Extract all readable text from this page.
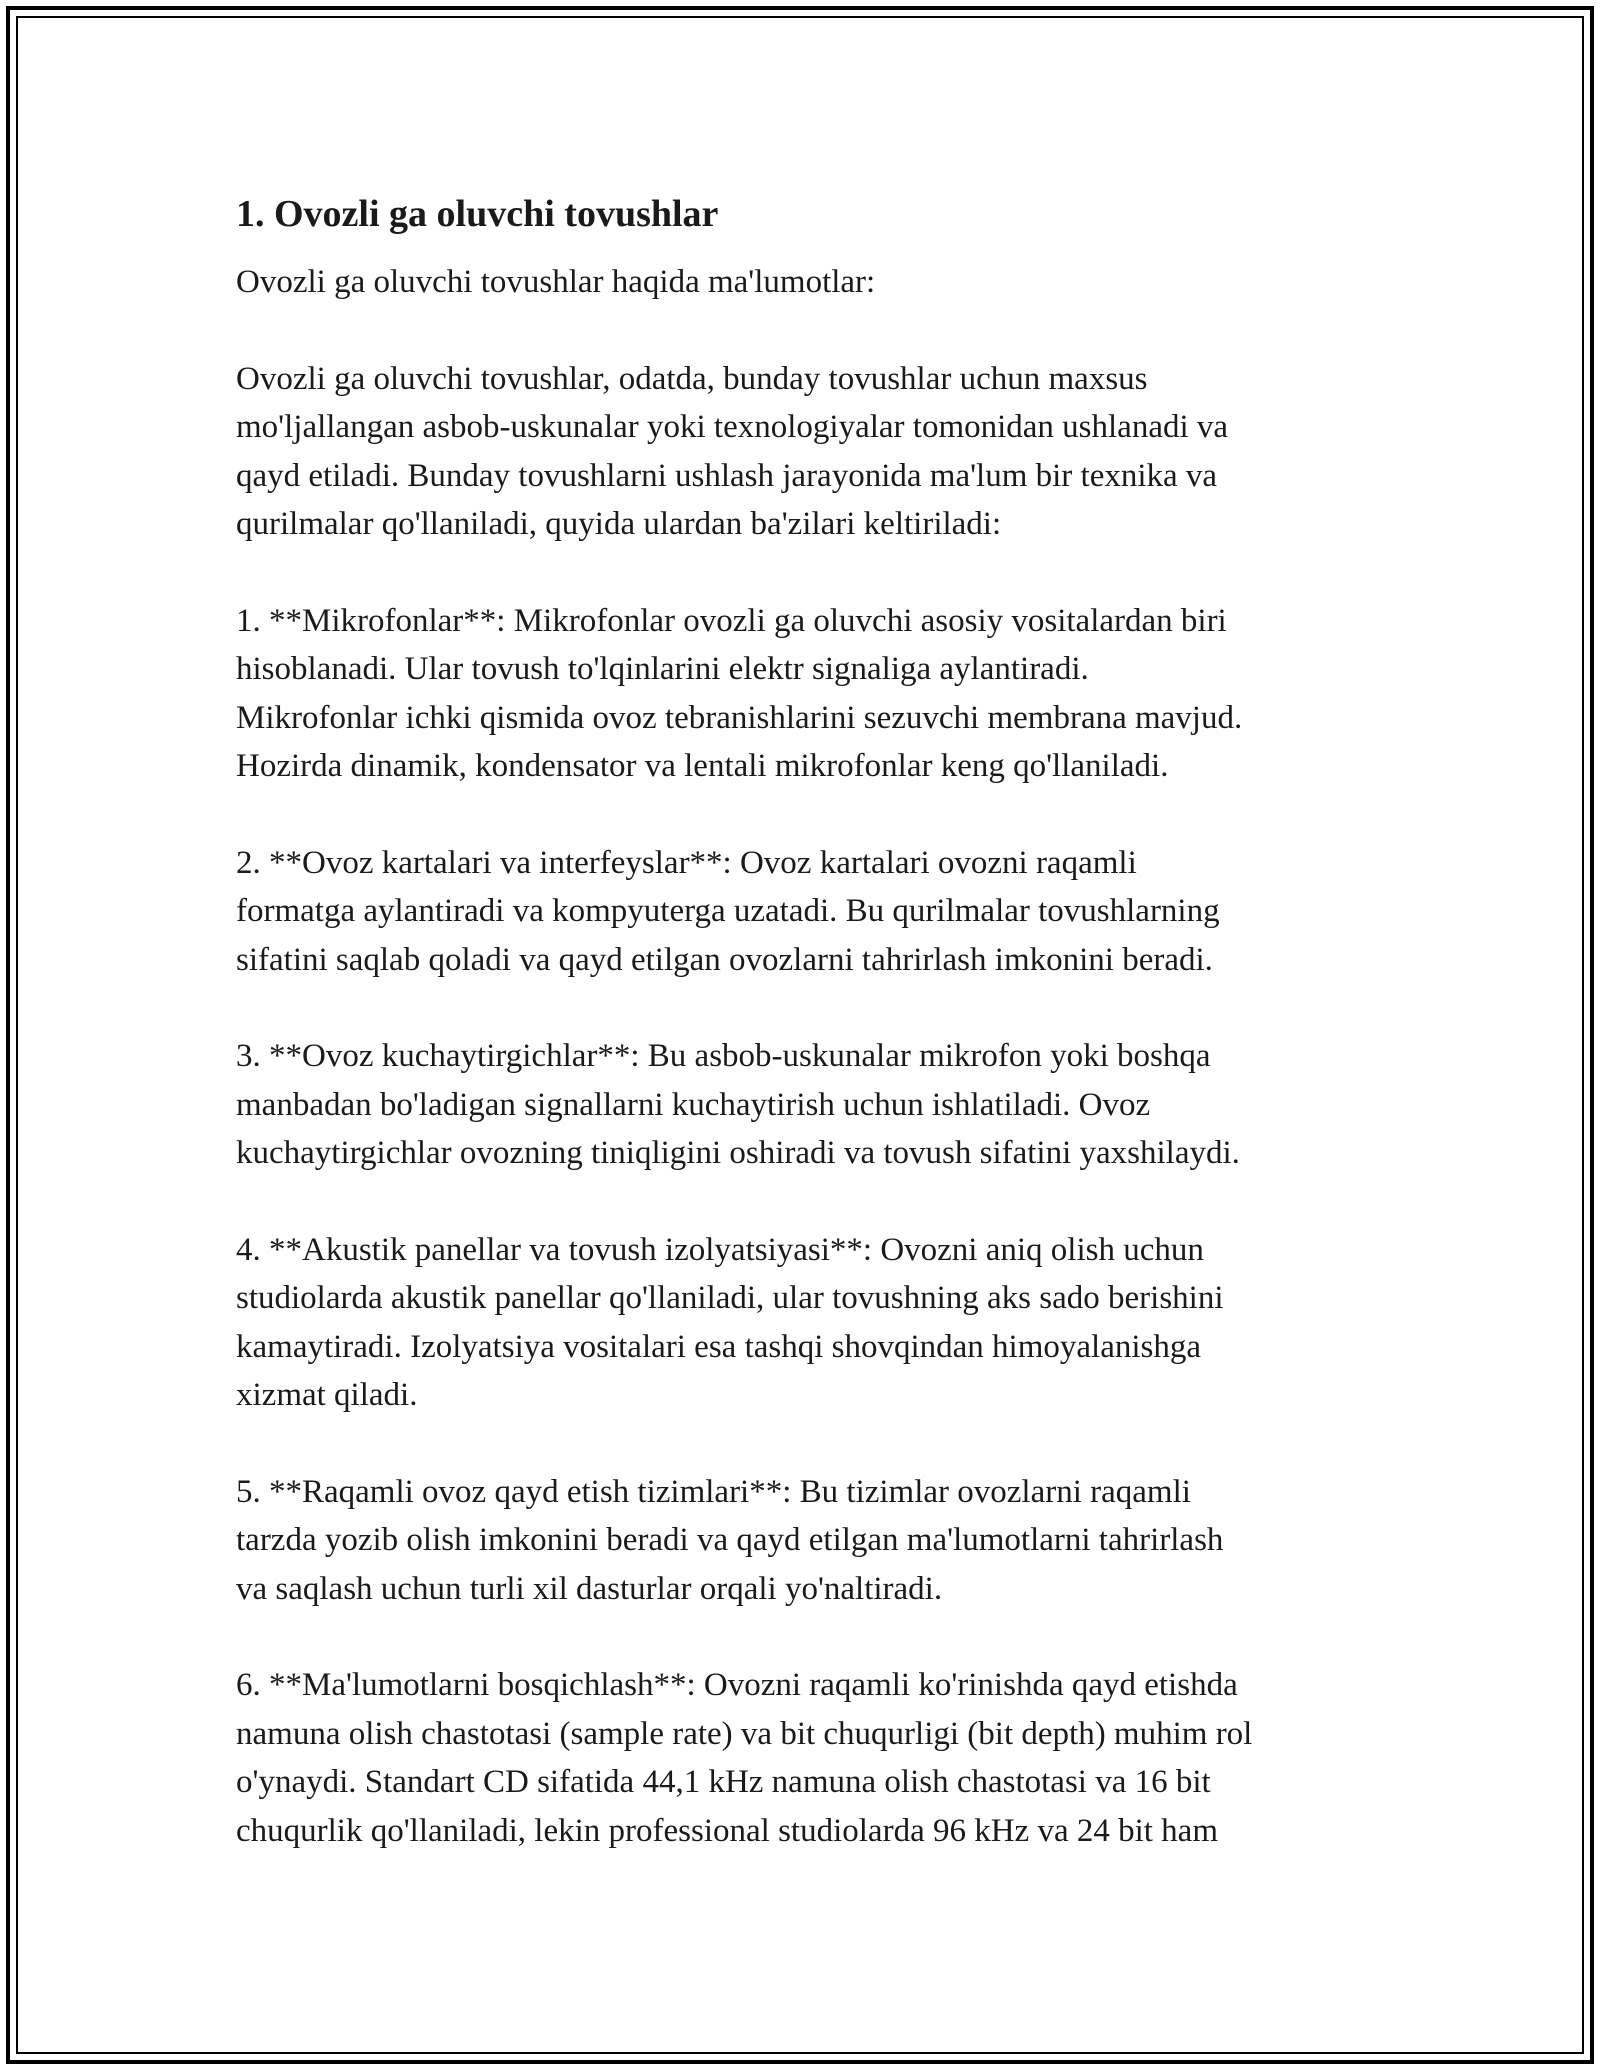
1. Ovozli ga oluvchi tovushlar

Ovozli ga oluvchi tovushlar haqida ma'lumotlar:

Ovozli ga oluvchi tovushlar, odatda, bunday tovushlar uchun maxsus
mo'ljallangan asbob-uskunalar yoki texnologiyalar tomonidan ushlanadi va
qayd etiladi. Bunday tovushlarni ushlash jarayonida ma'lum bir texnika va
qurilmalar qo'llaniladi, quyida ulardan ba'zilari keltiriladi:

1. **Mikrofonlar**: Mikrofonlar ovozli ga oluvchi asosiy vositalardan biri
hisoblanadi. Ular tovush to'lqinlarini elektr signaliga aylantiradi.
Mikrofonlar ichki qismida ovoz tebranishlarini sezuvchi membrana mavjud.
Hozirda dinamik, kondensator va lentali mikrofonlar keng qo'llaniladi.

2. **Ovoz kartalari va interfeyslar**: Ovoz kartalari ovozni raqamli
formatga aylantiradi va kompyuterga uzatadi. Bu qurilmalar tovushlarning
sifatini saqlab qoladi va qayd etilgan ovozlarni tahrirlash imkonini beradi.

3. **Ovoz kuchaytirgichlar**: Bu asbob-uskunalar mikrofon yoki boshqa
manbadan bo'ladigan signallarni kuchaytirish uchun ishlatiladi. Ovoz
kuchaytirgichlar ovozning tiniqligini oshiradi va tovush sifatini yaxshilaydi.

4. **Akustik panellar va tovush izolyatsiyasi**: Ovozni aniq olish uchun
studiolarda akustik panellar qo'llaniladi, ular tovushning aks sado berishini
kamaytiradi. Izolyatsiya vositalari esa tashqi shovqindan himoyalanishga
xizmat qiladi.

5. **Raqamli ovoz qayd etish tizimlari**: Bu tizimlar ovozlarni raqamli
tarzda yozib olish imkonini beradi va qayd etilgan ma'lumotlarni tahrirlash
va saqlash uchun turli xil dasturlar orqali yo'naltiradi.

6. **Ma'lumotlarni bosqichlash**: Ovozni raqamli ko'rinishda qayd etishda
namuna olish chastotasi (sample rate) va bit chuqurligi (bit depth) muhim rol
o'ynaydi. Standart CD sifatida 44,1 kHz namuna olish chastotasi va 16 bit
chuqurlik qo'llaniladi, lekin professional studiolarda 96 kHz va 24 bit ham
